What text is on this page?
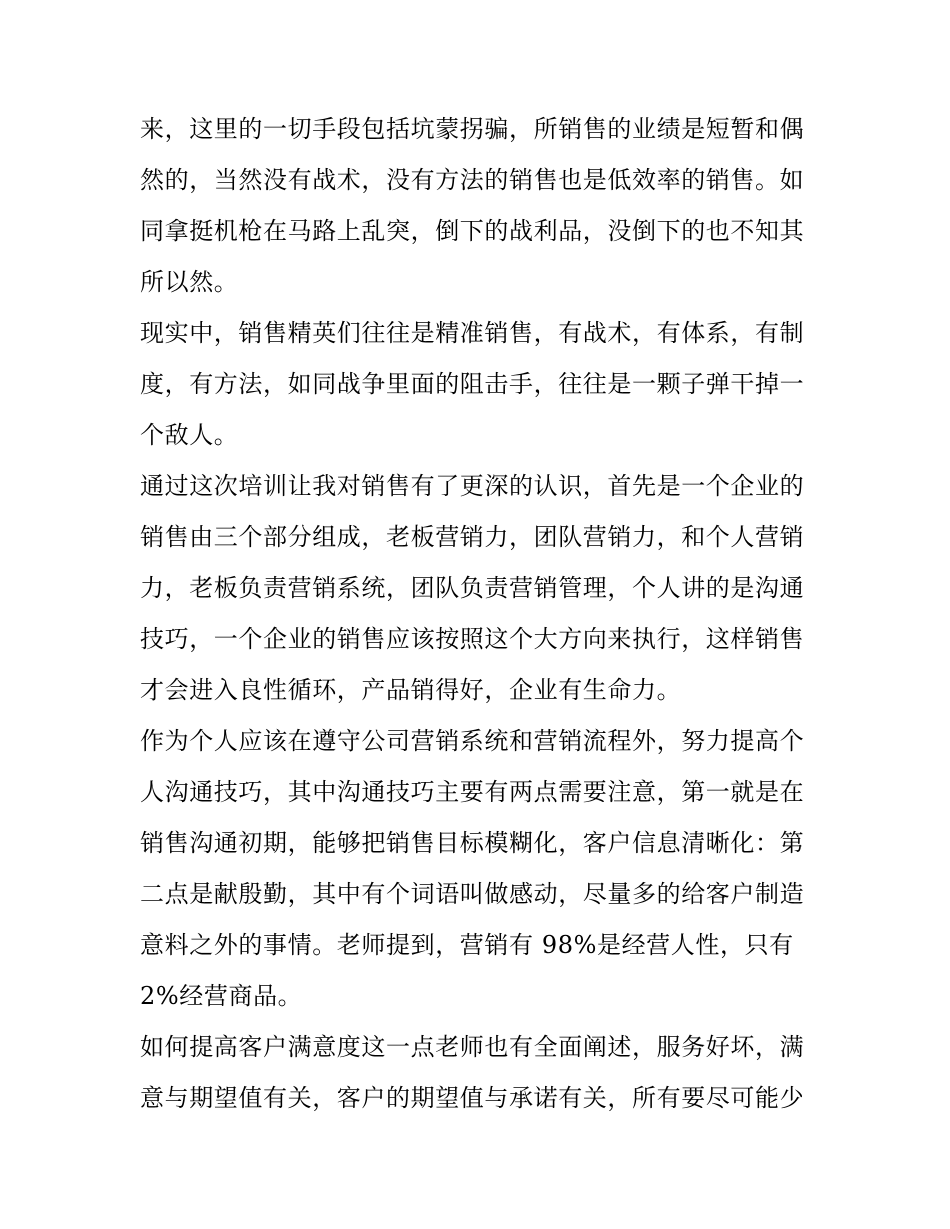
来，这里的一切手段包括坑蒙拐骗，所销售的业绩是短暂和偶
然的，当然没有战术，没有方法的销售也是低效率的销售。如
同拿挺机枪在马路上乱突，倒下的战利品，没倒下的也不知其
所以然。
现实中，销售精英们往往是精准销售，有战术，有体系，有制
度，有方法，如同战争里面的阻击手，往往是一颗子弹干掉一
个敌人。
通过这次培训让我对销售有了更深的认识，首先是一个企业的
销售由三个部分组成，老板营销力，团队营销力，和个人营销
力，老板负责营销系统，团队负责营销管理，个人讲的是沟通
技巧，一个企业的销售应该按照这个大方向来执行，这样销售
才会进入良性循环，产品销得好，企业有生命力。
作为个人应该在遵守公司营销系统和营销流程外，努力提高个
人沟通技巧，其中沟通技巧主要有两点需要注意，第一就是在
销售沟通初期，能够把销售目标模糊化，客户信息清晰化：第
二点是献殷勤，其中有个词语叫做感动，尽量多的给客户制造
意料之外的事情。老师提到，营销有 98%是经营人性，只有
2%经营商品。
如何提高客户满意度这一点老师也有全面阐述，服务好坏，满
意与期望值有关，客户的期望值与承诺有关，所有要尽可能少
